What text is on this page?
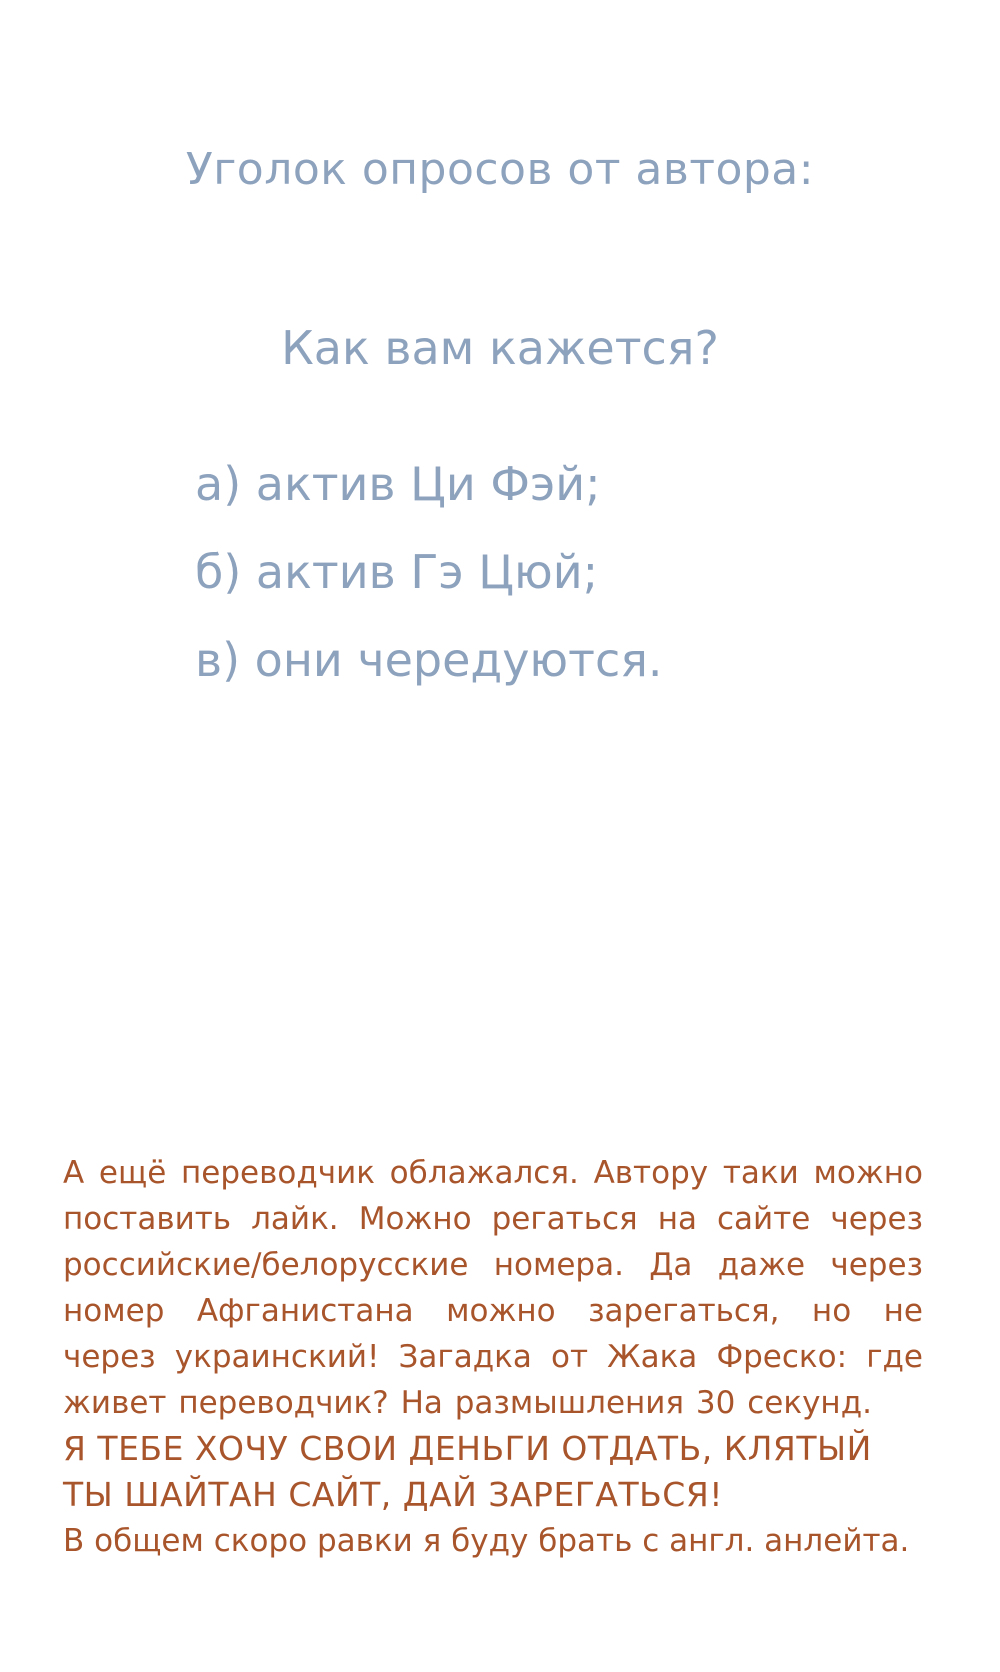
Уголок опросов от автора:
Как вам кажется?
а) актив Ци Фэй;
б) актив Гэ Цюй;
в) они чередуются.

А ещё переводчик облажался. Автору таки можно поставить лайк. Можно регаться на сайте через российские/белорусские номера. Да даже через номер Афганистана можно зарегаться, но не через украинский! Загадка от Жака Фреско: где живет переводчик? На размышления 30 секунд.

Я ТЕБЕ ХОЧУ СВОИ ДЕНЬГИ ОТДАТЬ, КЛЯТЫЙ ТЫ ШАЙТАН САЙТ, ДАЙ ЗАРЕГАТЬСЯ!

В общем скоро равки я буду брать с англ. анлейта.
